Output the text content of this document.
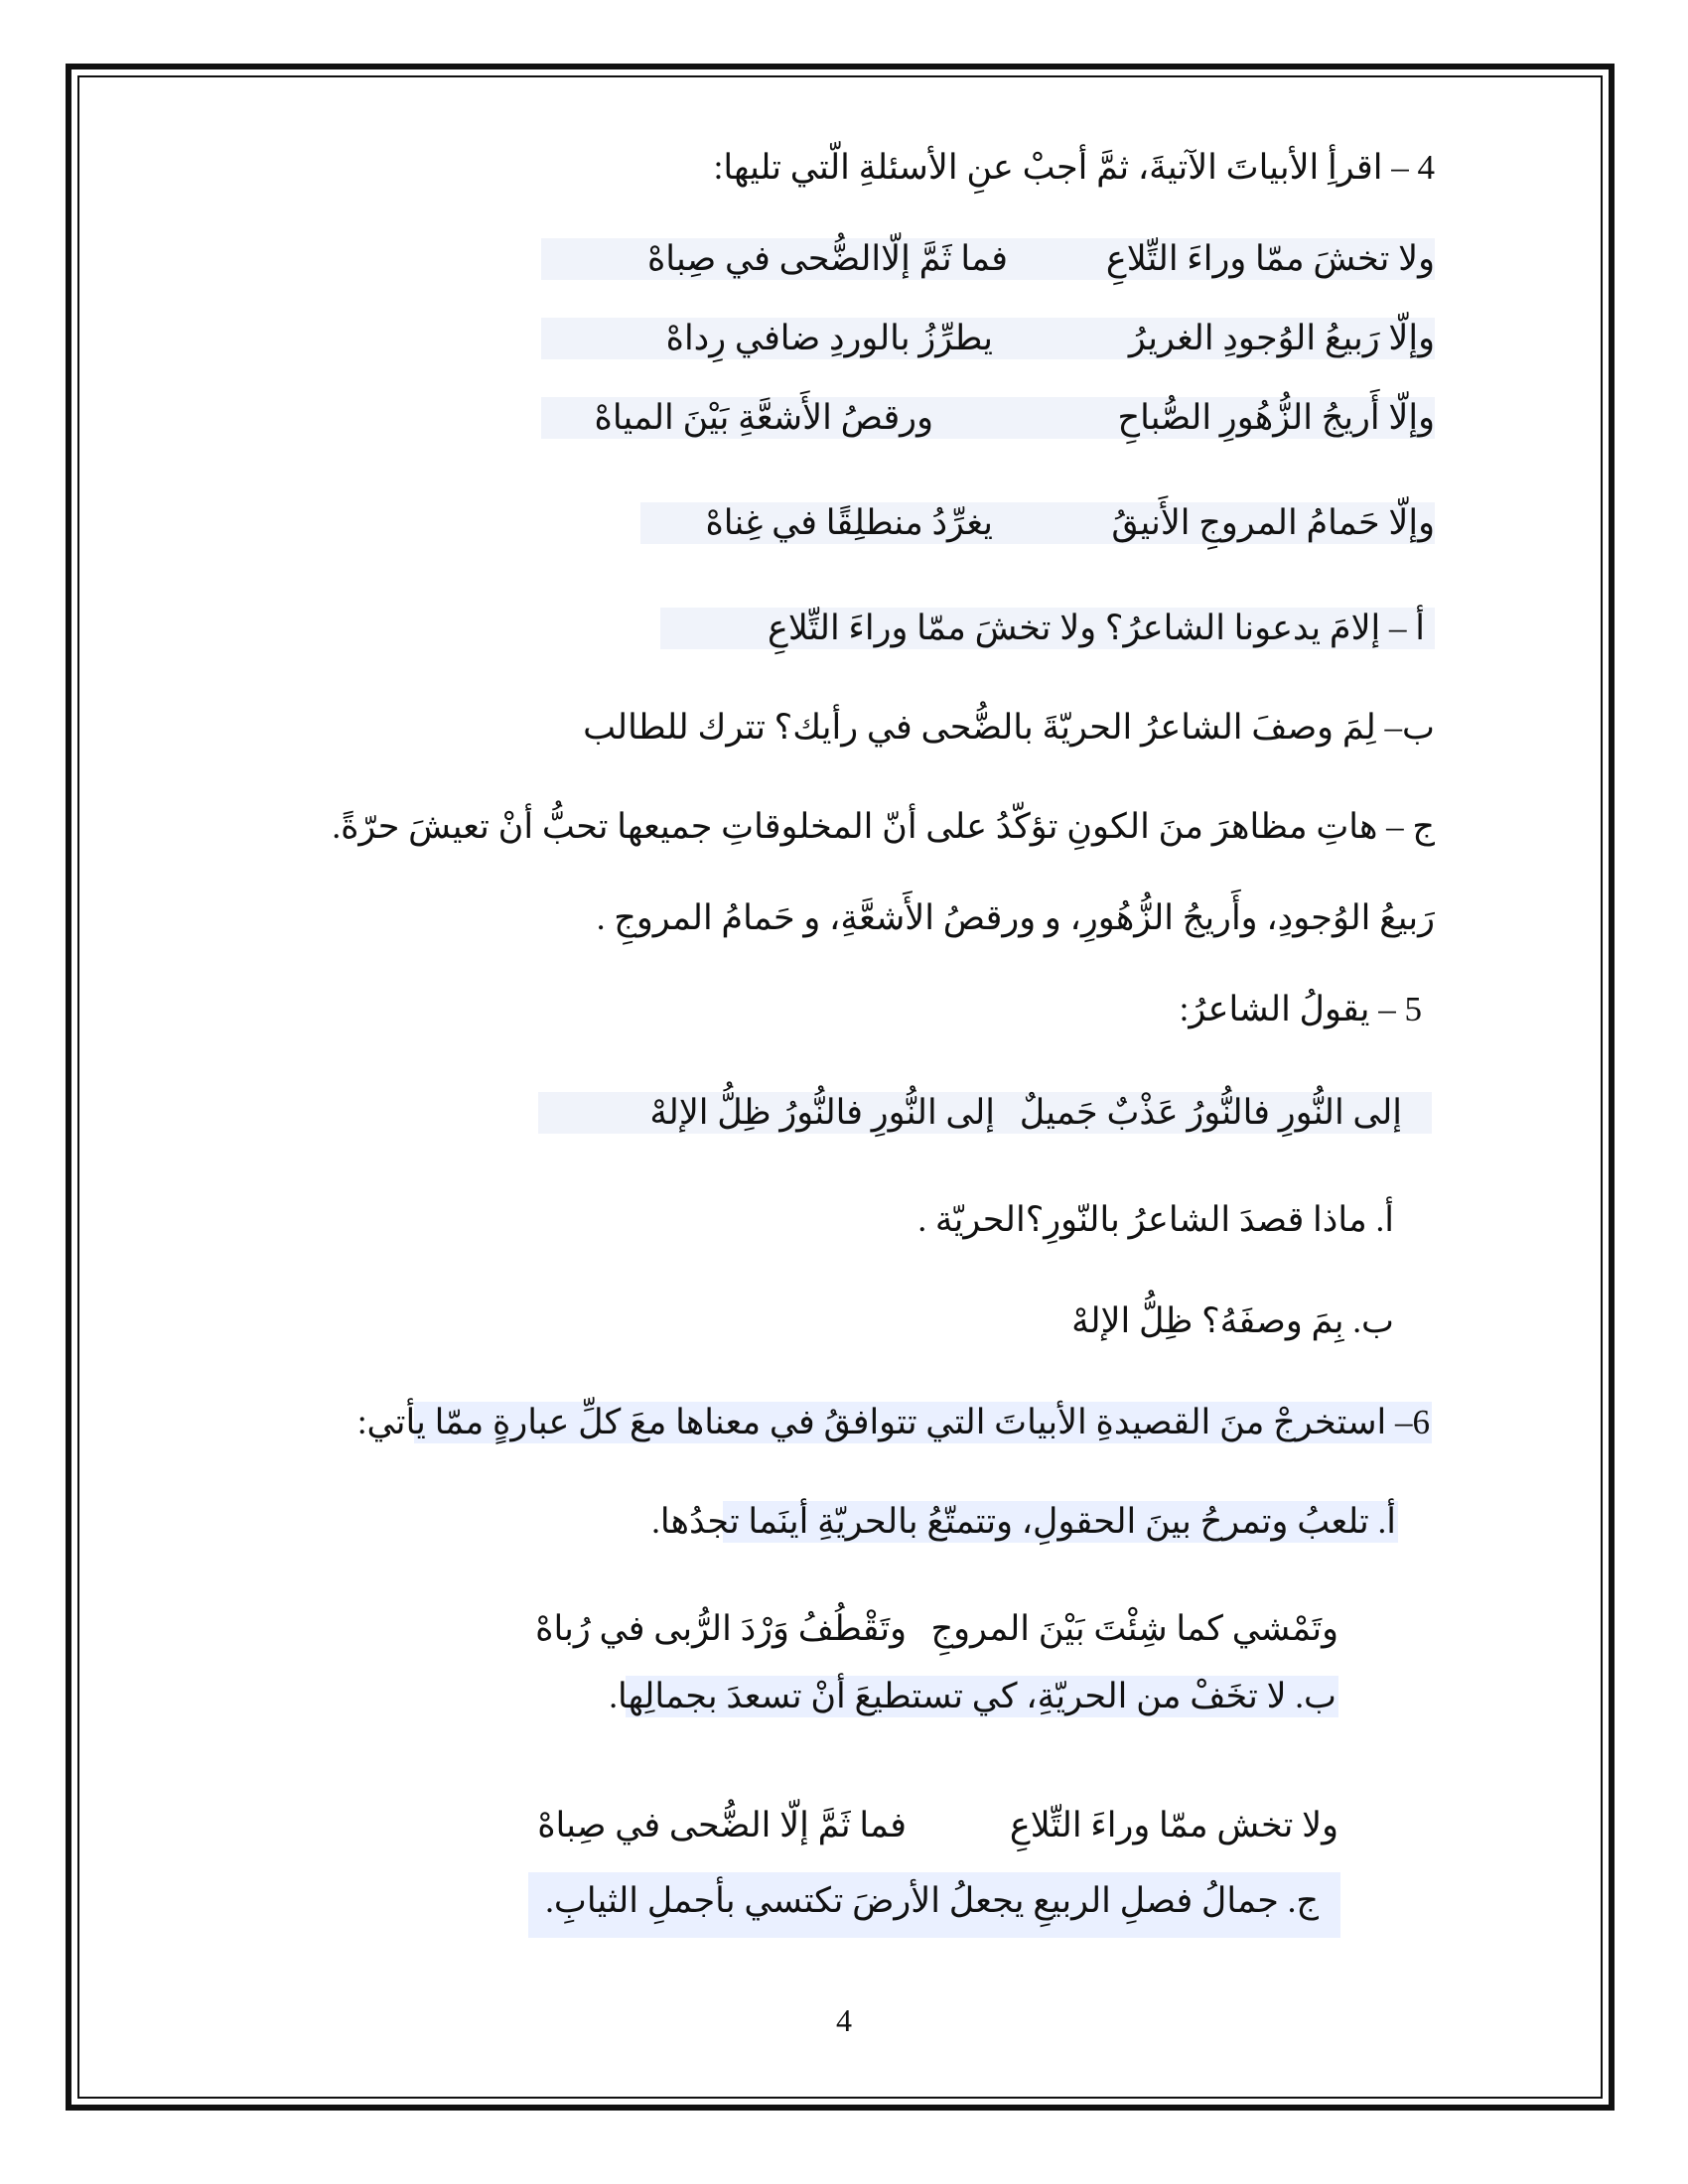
4 – اقرأِ الأبياتَ الآتيةَ، ثمَّ أجبْ عنِ الأسئلةِ الّتي تليها:
ولا تخشَ ممّا وراءَ التِّلاعِ
فما ثَمَّ إلّاالضُّحى في صِباهْ
وإلّا رَبيعُ الوُجودِ الغريرُ
يطرِّزُ بالوردِ ضافي رِداهْ
وإلّا أَريجُ الزُّهُورِ الصُّباحِ
ورقصُ الأَشعَّةِ بَيْنَ المياهْ
وإلّا حَمامُ المروجِ الأَنيقُ
يغرِّدُ منطلِقًا في غِناهْ
أ – إلامَ يدعونا الشاعرُ؟ ولا تخشَ ممّا وراءَ التِّلاعِ
ب– لِمَ وصفَ الشاعرُ الحريّةَ بالضُّحى في رأيك؟ تترك للطالب
ج – هاتِ مظاهرَ منَ الكونِ تؤكّدُ على أنّ المخلوقاتِ جميعها تحبُّ أنْ تعيشَ حرّةً.
رَبيعُ الوُجودِ، وأَريجُ الزُّهُورِ، و ورقصُ الأَشعَّةِ، و حَمامُ المروجِ .
5 – يقولُ الشاعرُ:
إلى النُّورِ فالنُّورُ عَذْبٌ جَميلٌ
إلى النُّورِ فالنُّورُ ظِلُّ الإلهْ
أ. ماذا قصدَ الشاعرُ بالنّورِ؟الحريّة .
ب. بِمَ وصفَهُ؟ ظِلُّ الإلهْ
6– استخرجْ منَ القصيدةِ الأبياتَ التي تتوافقُ في معناها معَ كلِّ عبارةٍ ممّا يأتي:
أ. تلعبُ وتمرحُ بينَ الحقولِ، وتتمتّعُ بالحريّةِ أينَما تجدُها.
وتَمْشي كما شِئْتَ بَيْنَ المروجِ
وتَقْطُفُ وَرْدَ الرُّبى في رُباهْ
ب. لا تخَفْ من الحريّةِ، كي تستطيعَ أنْ تسعدَ بجمالِها.
ولا تخش ممّا وراءَ التِّلاعِ
فما ثَمَّ إلّا الضُّحى في صِباهْ
ج. جمالُ فصلِ الربيعِ يجعلُ الأرضَ تكتسي بأجملِ الثيابِ.
4
